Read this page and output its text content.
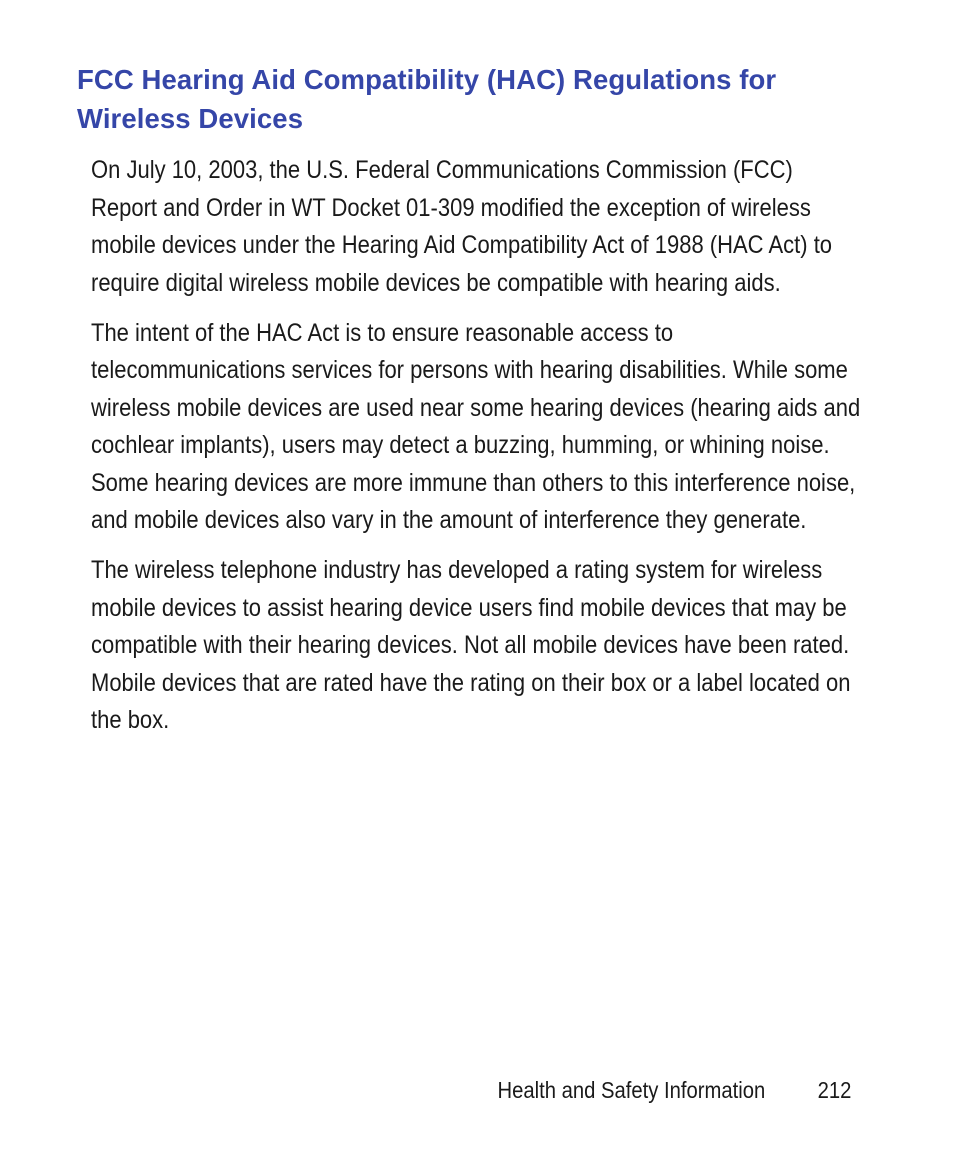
FCC Hearing Aid Compatibility (HAC) Regulations for Wireless Devices

On July 10, 2003, the U.S. Federal Communications Commission (FCC) Report and Order in WT Docket 01-309 modified the exception of wireless mobile devices under the Hearing Aid Compatibility Act of 1988 (HAC Act) to require digital wireless mobile devices be compatible with hearing aids.

The intent of the HAC Act is to ensure reasonable access to telecommunications services for persons with hearing disabilities. While some wireless mobile devices are used near some hearing devices (hearing aids and cochlear implants), users may detect a buzzing, humming, or whining noise. Some hearing devices are more immune than others to this interference noise, and mobile devices also vary in the amount of interference they generate.

The wireless telephone industry has developed a rating system for wireless mobile devices to assist hearing device users find mobile devices that may be compatible with their hearing devices. Not all mobile devices have been rated. Mobile devices that are rated have the rating on their box or a label located on the box.

Health and Safety Information 212
